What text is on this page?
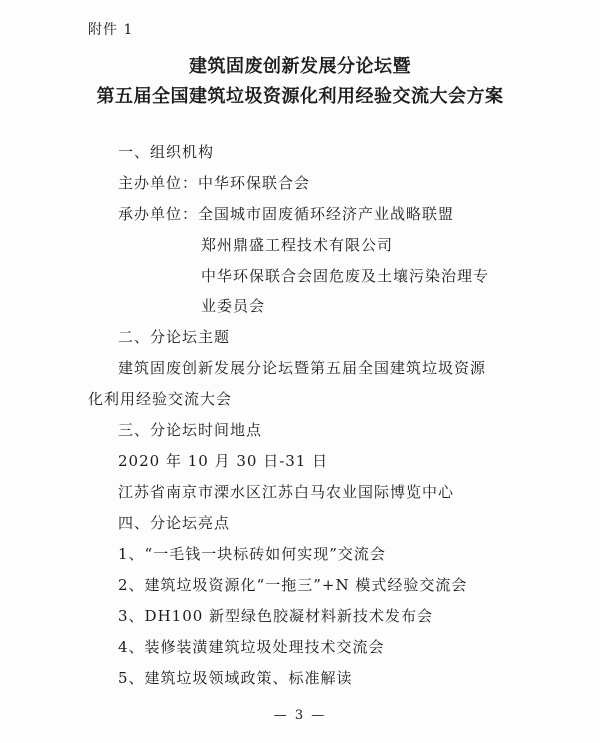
附件 1
建筑固废创新发展分论坛暨
第五届全国建筑垃圾资源化利用经验交流大会方案
一、组织机构
主办单位：中华环保联合会
承办单位：全国城市固废循环经济产业战略联盟
郑州鼎盛工程技术有限公司
中华环保联合会固危废及土壤污染治理专
业委员会
二、分论坛主题
建筑固废创新发展分论坛暨第五届全国建筑垃圾资源
化利用经验交流大会
三、分论坛时间地点
2020 年 10 月 30 日-31 日
江苏省南京市溧水区江苏白马农业国际博览中心
四、分论坛亮点
1、“一毛钱一块标砖如何实现”交流会
2、建筑垃圾资源化“一拖三”+N 模式经验交流会
3、DH100 新型绿色胶凝材料新技术发布会
4、装修装潢建筑垃圾处理技术交流会
5、建筑垃圾领域政策、标准解读
— 3 —
